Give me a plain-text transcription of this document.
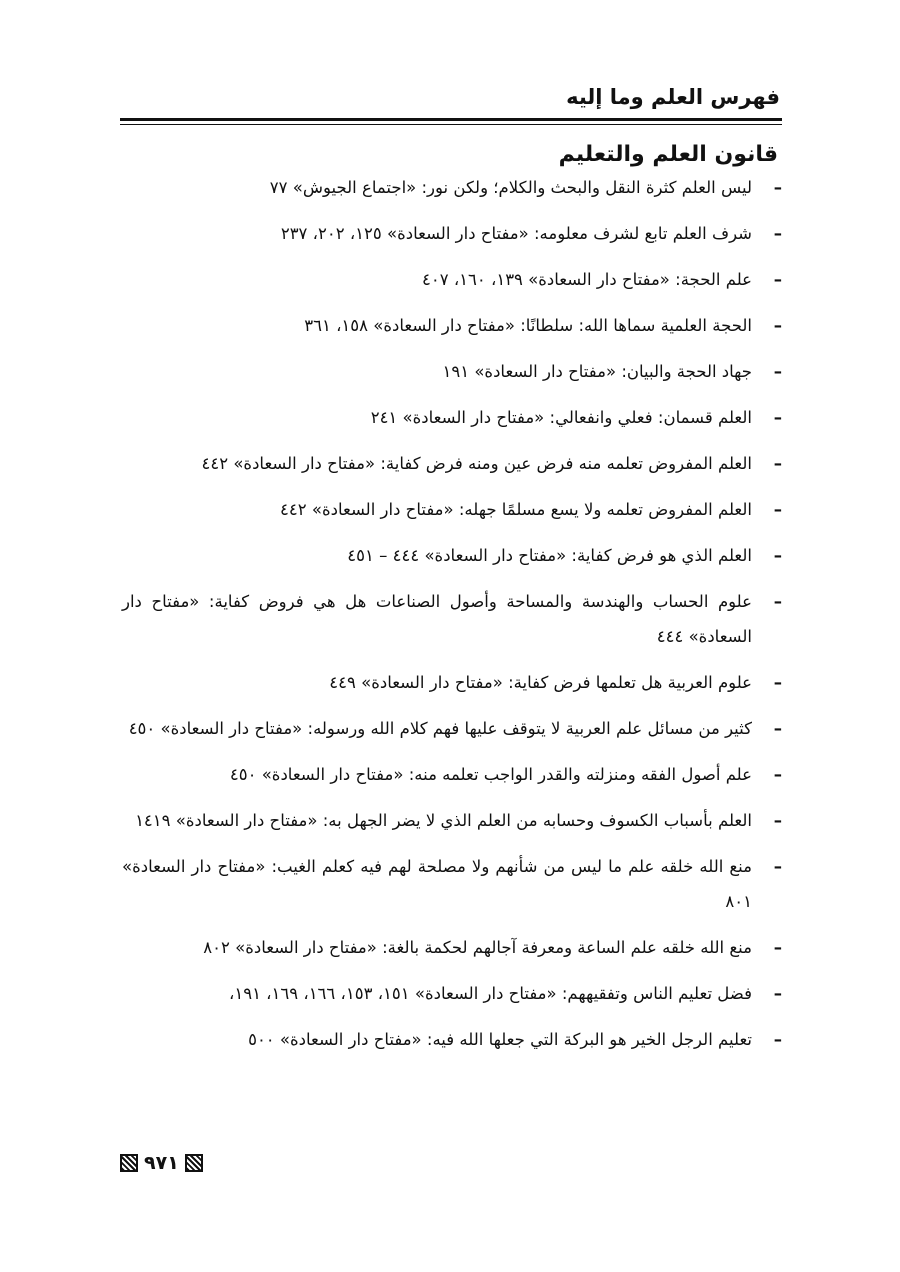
فهرس العلم وما إليه
قانون العلم والتعليم
–
ليس العلم كثرة النقل والبحث والكلام؛ ولكن نور: «اجتماع الجيوش» ٧٧
–
شرف العلم تابع لشرف معلومه: «مفتاح دار السعادة» ١٢٥، ٢٠٢، ٢٣٧
–
علم الحجة: «مفتاح دار السعادة» ١٣٩، ١٦٠، ٤٠٧
–
الحجة العلمية سماها الله: سلطانًا: «مفتاح دار السعادة» ١٥٨، ٣٦١
–
جهاد الحجة والبيان: «مفتاح دار السعادة» ١٩١
–
العلم قسمان: فعلي وانفعالي: «مفتاح دار السعادة» ٢٤١
–
العلم المفروض تعلمه منه فرض عين ومنه فرض كفاية: «مفتاح دار السعادة» ٤٤٢
–
العلم المفروض تعلمه ولا يسع مسلمًا جهله: «مفتاح دار السعادة» ٤٤٢
–
العلم الذي هو فرض كفاية: «مفتاح دار السعادة» ٤٤٤ – ٤٥١
–
علوم الحساب والهندسة والمساحة وأصول الصناعات هل هي فروض كفاية: «مفتاح دار السعادة» ٤٤٤
–
علوم العربية هل تعلمها فرض كفاية: «مفتاح دار السعادة» ٤٤٩
–
كثير من مسائل علم العربية لا يتوقف عليها فهم كلام الله ورسوله: «مفتاح دار السعادة» ٤٥٠
–
علم أصول الفقه ومنزلته والقدر الواجب تعلمه منه: «مفتاح دار السعادة» ٤٥٠
–
العلم بأسباب الكسوف وحسابه من العلم الذي لا يضر الجهل به: «مفتاح دار السعادة» ١٤١٩
–
منع الله خلقه علم ما ليس من شأنهم ولا مصلحة لهم فيه كعلم الغيب: «مفتاح دار السعادة» ٨٠١
–
منع الله خلقه علم الساعة ومعرفة آجالهم لحكمة بالغة: «مفتاح دار السعادة» ٨٠٢
–
فضل تعليم الناس وتفقيههم: «مفتاح دار السعادة» ١٥١، ١٥٣، ١٦٦، ١٦٩، ١٩١،
–
تعليم الرجل الخير هو البركة التي جعلها الله فيه: «مفتاح دار السعادة» ٥٠٠
٩٧١
